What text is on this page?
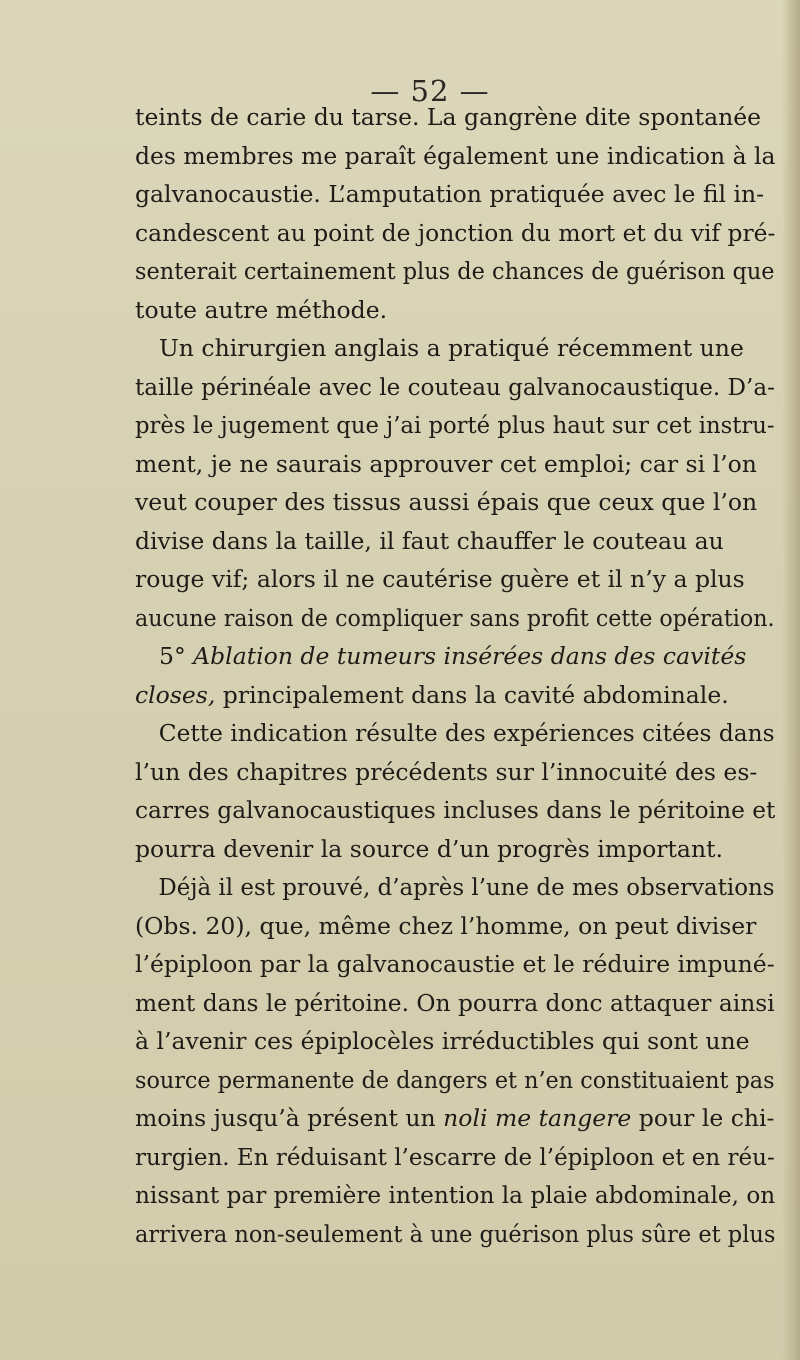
— 52 —
teints de carie du tarse. La gangrène dite spontanée
des membres me paraît également une indication à la
galvanocaustie. L’amputation pratiquée avec le fil in-
candescent au point de jonction du mort et du vif pré-
senterait certainement plus de chances de guérison que
toute autre méthode.
Un chirurgien anglais a pratiqué récemment une
taille périnéale avec le couteau galvanocaustique. D’a-
près le jugement que j’ai porté plus haut sur cet instru-
ment, je ne saurais approuver cet emploi; car si l’on
veut couper des tissus aussi épais que ceux que l’on
divise dans la taille, il faut chauffer le couteau au
rouge vif; alors il ne cautérise guère et il n’y a plus
aucune raison de compliquer sans profit cette opération.
5° Ablation de tumeurs insérées dans des cavités
closes, principalement dans la cavité abdominale.
Cette indication résulte des expériences citées dans
l’un des chapitres précédents sur l’innocuité des es-
carres galvanocaustiques incluses dans le péritoine et
pourra devenir la source d’un progrès important.
Déjà il est prouvé, d’après l’une de mes observations
(Obs. 20), que, même chez l’homme, on peut diviser
l’épiploon par la galvanocaustie et le réduire impuné-
ment dans le péritoine. On pourra donc attaquer ainsi
à l’avenir ces épiplocèles irréductibles qui sont une
source permanente de dangers et n’en constituaient pas
moins jusqu’à présent un noli me tangere pour le chi-
rurgien. En réduisant l’escarre de l’épiploon et en réu-
nissant par première intention la plaie abdominale, on
arrivera non-seulement à une guérison plus sûre et plus
